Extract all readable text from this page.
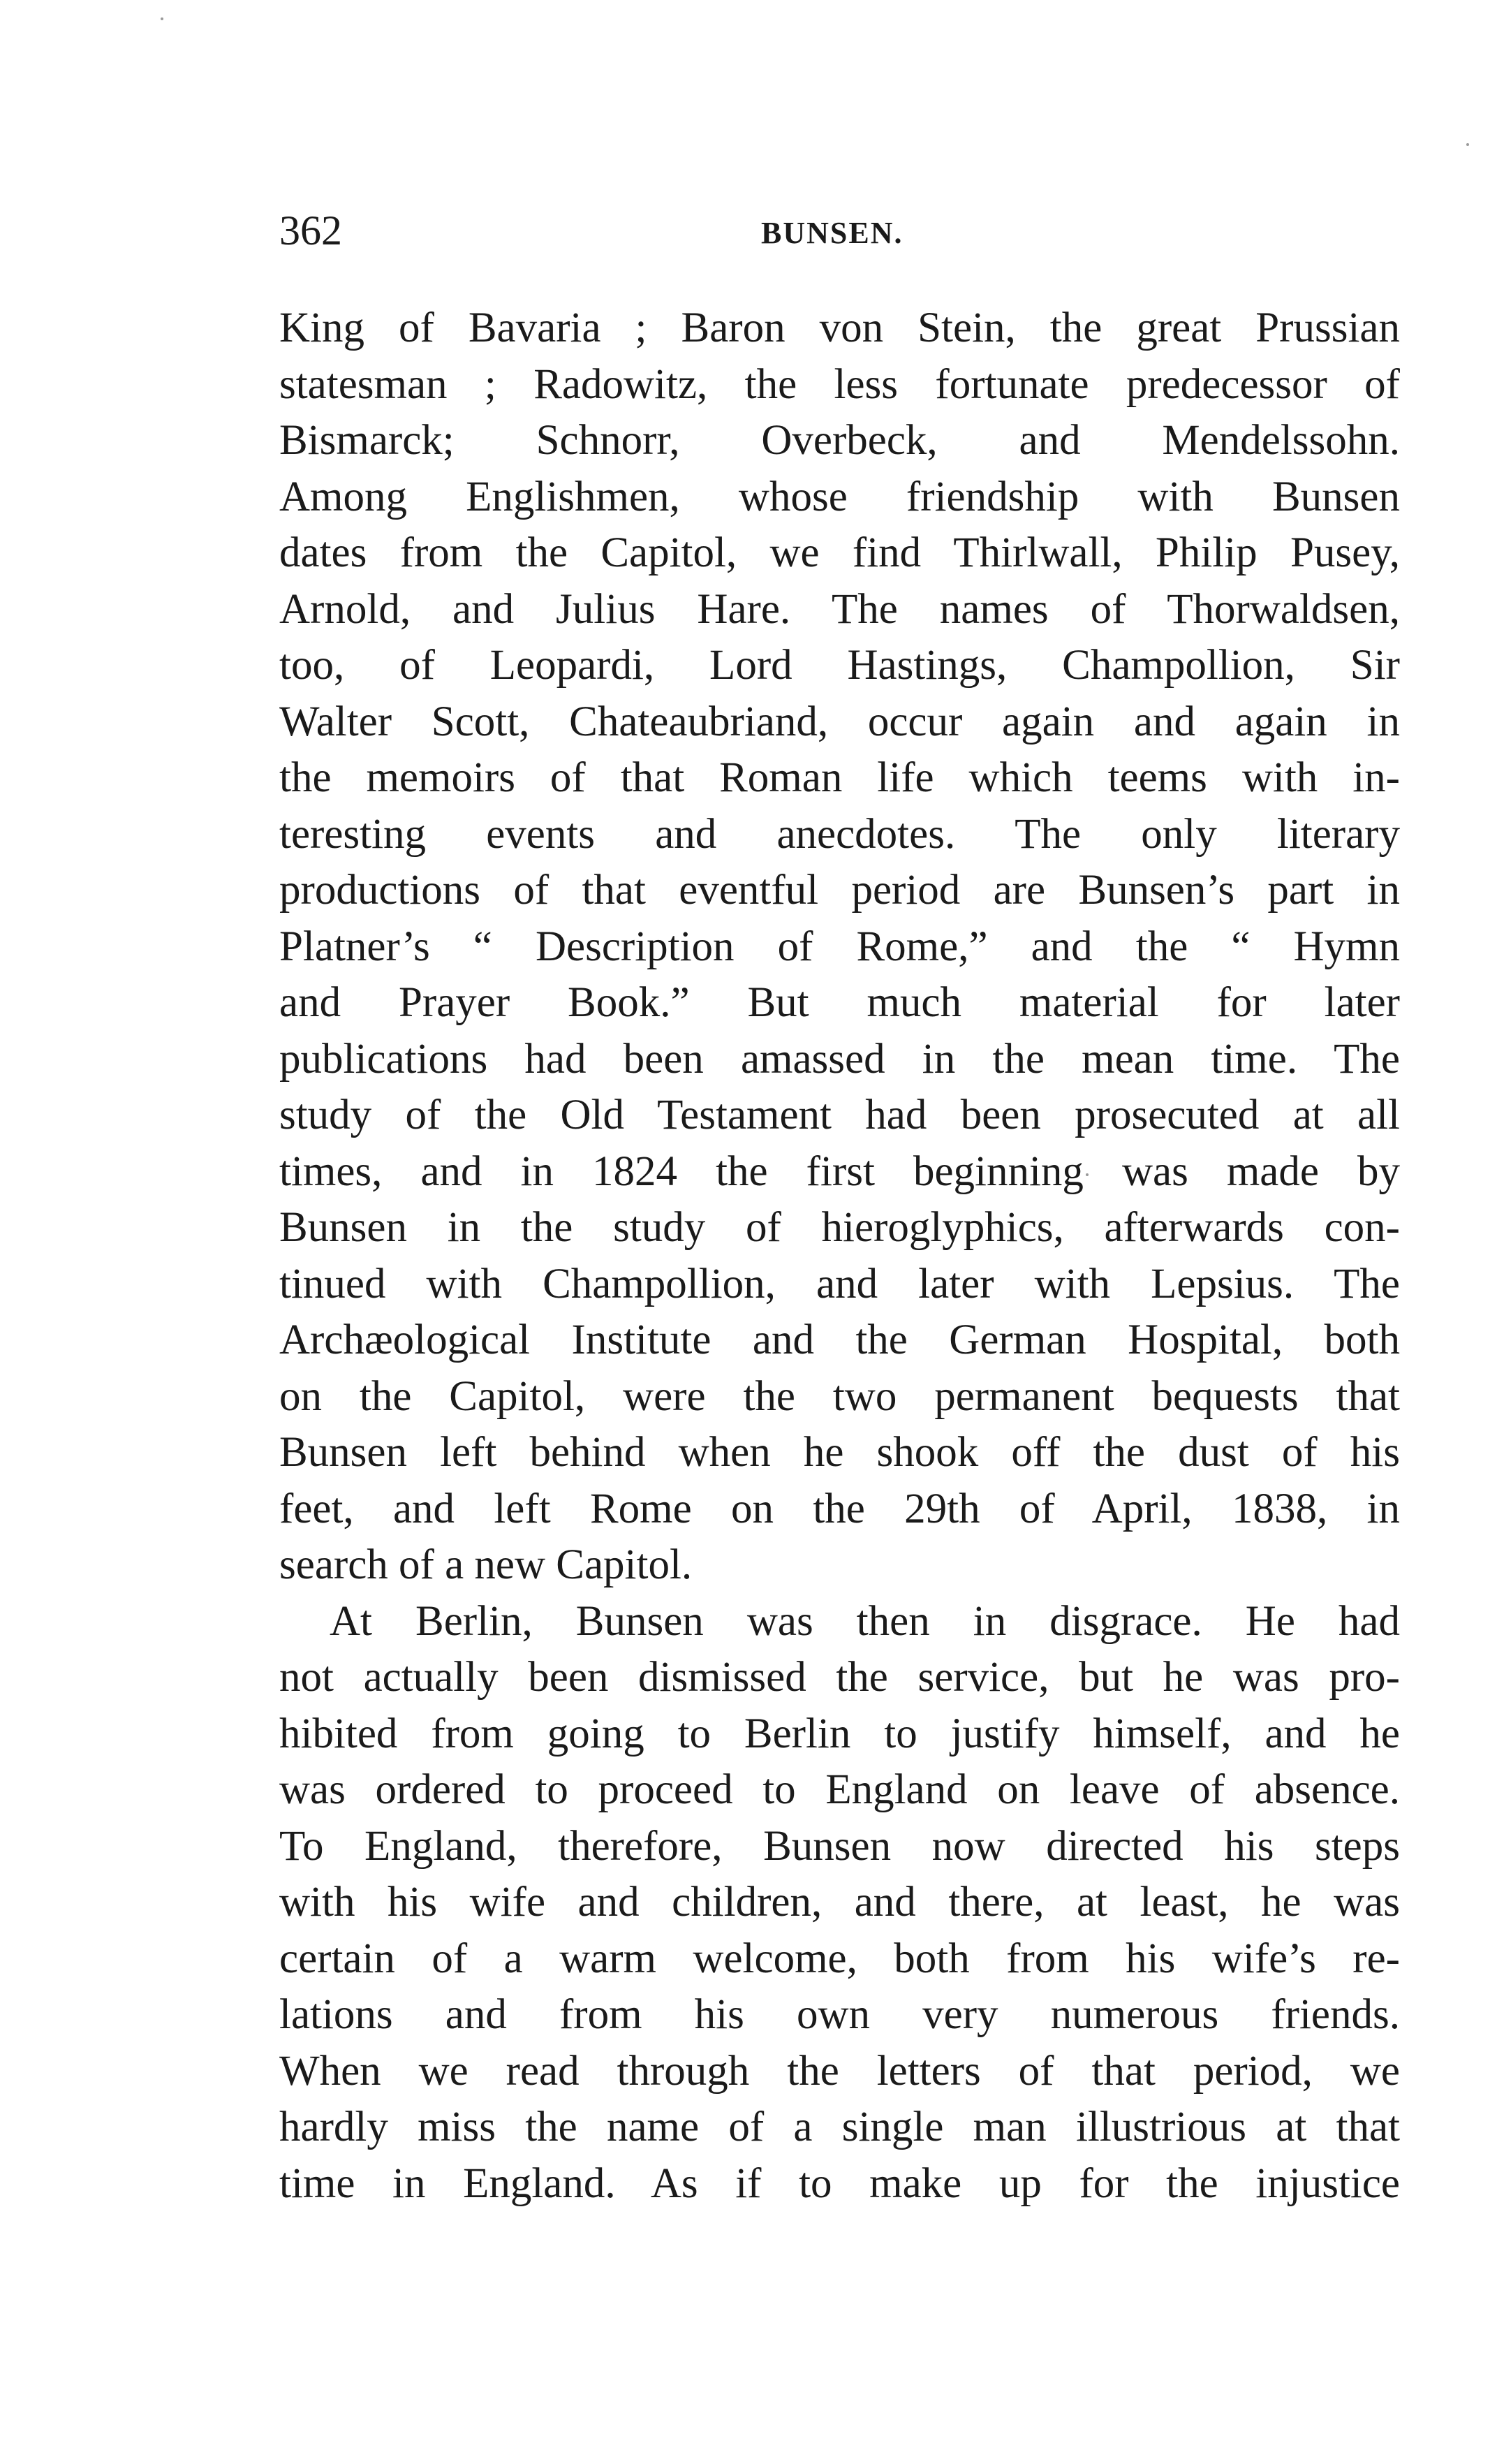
362	BUNSEN.
King of Bavaria ; Baron von Stein, the great Prussian
statesman ; Radowitz, the less fortunate predecessor of
Bismarck; Schnorr, Overbeck, and Mendelssohn.
Among Englishmen, whose friendship with Bunsen
dates from the Capitol, we find Thirlwall, Philip Pusey,
Arnold, and Julius Hare. The names of Thorwaldsen,
too, of Leopardi, Lord Hastings, Champollion, Sir
Walter Scott, Chateaubriand, occur again and again in
the memoirs of that Roman life which teems with in-
teresting events and anecdotes. The only literary
productions of that eventful period are Bunsen’s part in
Platner’s “ Description of Rome,” and the “ Hymn
and Prayer Book.” But much material for later
publications had been amassed in the mean time. The
study of the Old Testament had been prosecuted at all
times, and in 1824 the first beginning was made by
Bunsen in the study of hieroglyphics, afterwards con-
tinued with Champollion, and later with Lepsius. The
Archæological Institute and the German Hospital, both
on the Capitol, were the two permanent bequests that
Bunsen left behind when he shook off the dust of his
feet, and left Rome on the 29th of April, 1838, in
search of a new Capitol.
At Berlin, Bunsen was then in disgrace. He had
not actually been dismissed the service, but he was pro-
hibited from going to Berlin to justify himself, and he
was ordered to proceed to England on leave of absence.
To England, therefore, Bunsen now directed his steps
with his wife and children, and there, at least, he was
certain of a warm welcome, both from his wife’s re-
lations and from his own very numerous friends.
When we read through the letters of that period, we
hardly miss the name of a single man illustrious at that
time in England. As if to make up for the injustice
